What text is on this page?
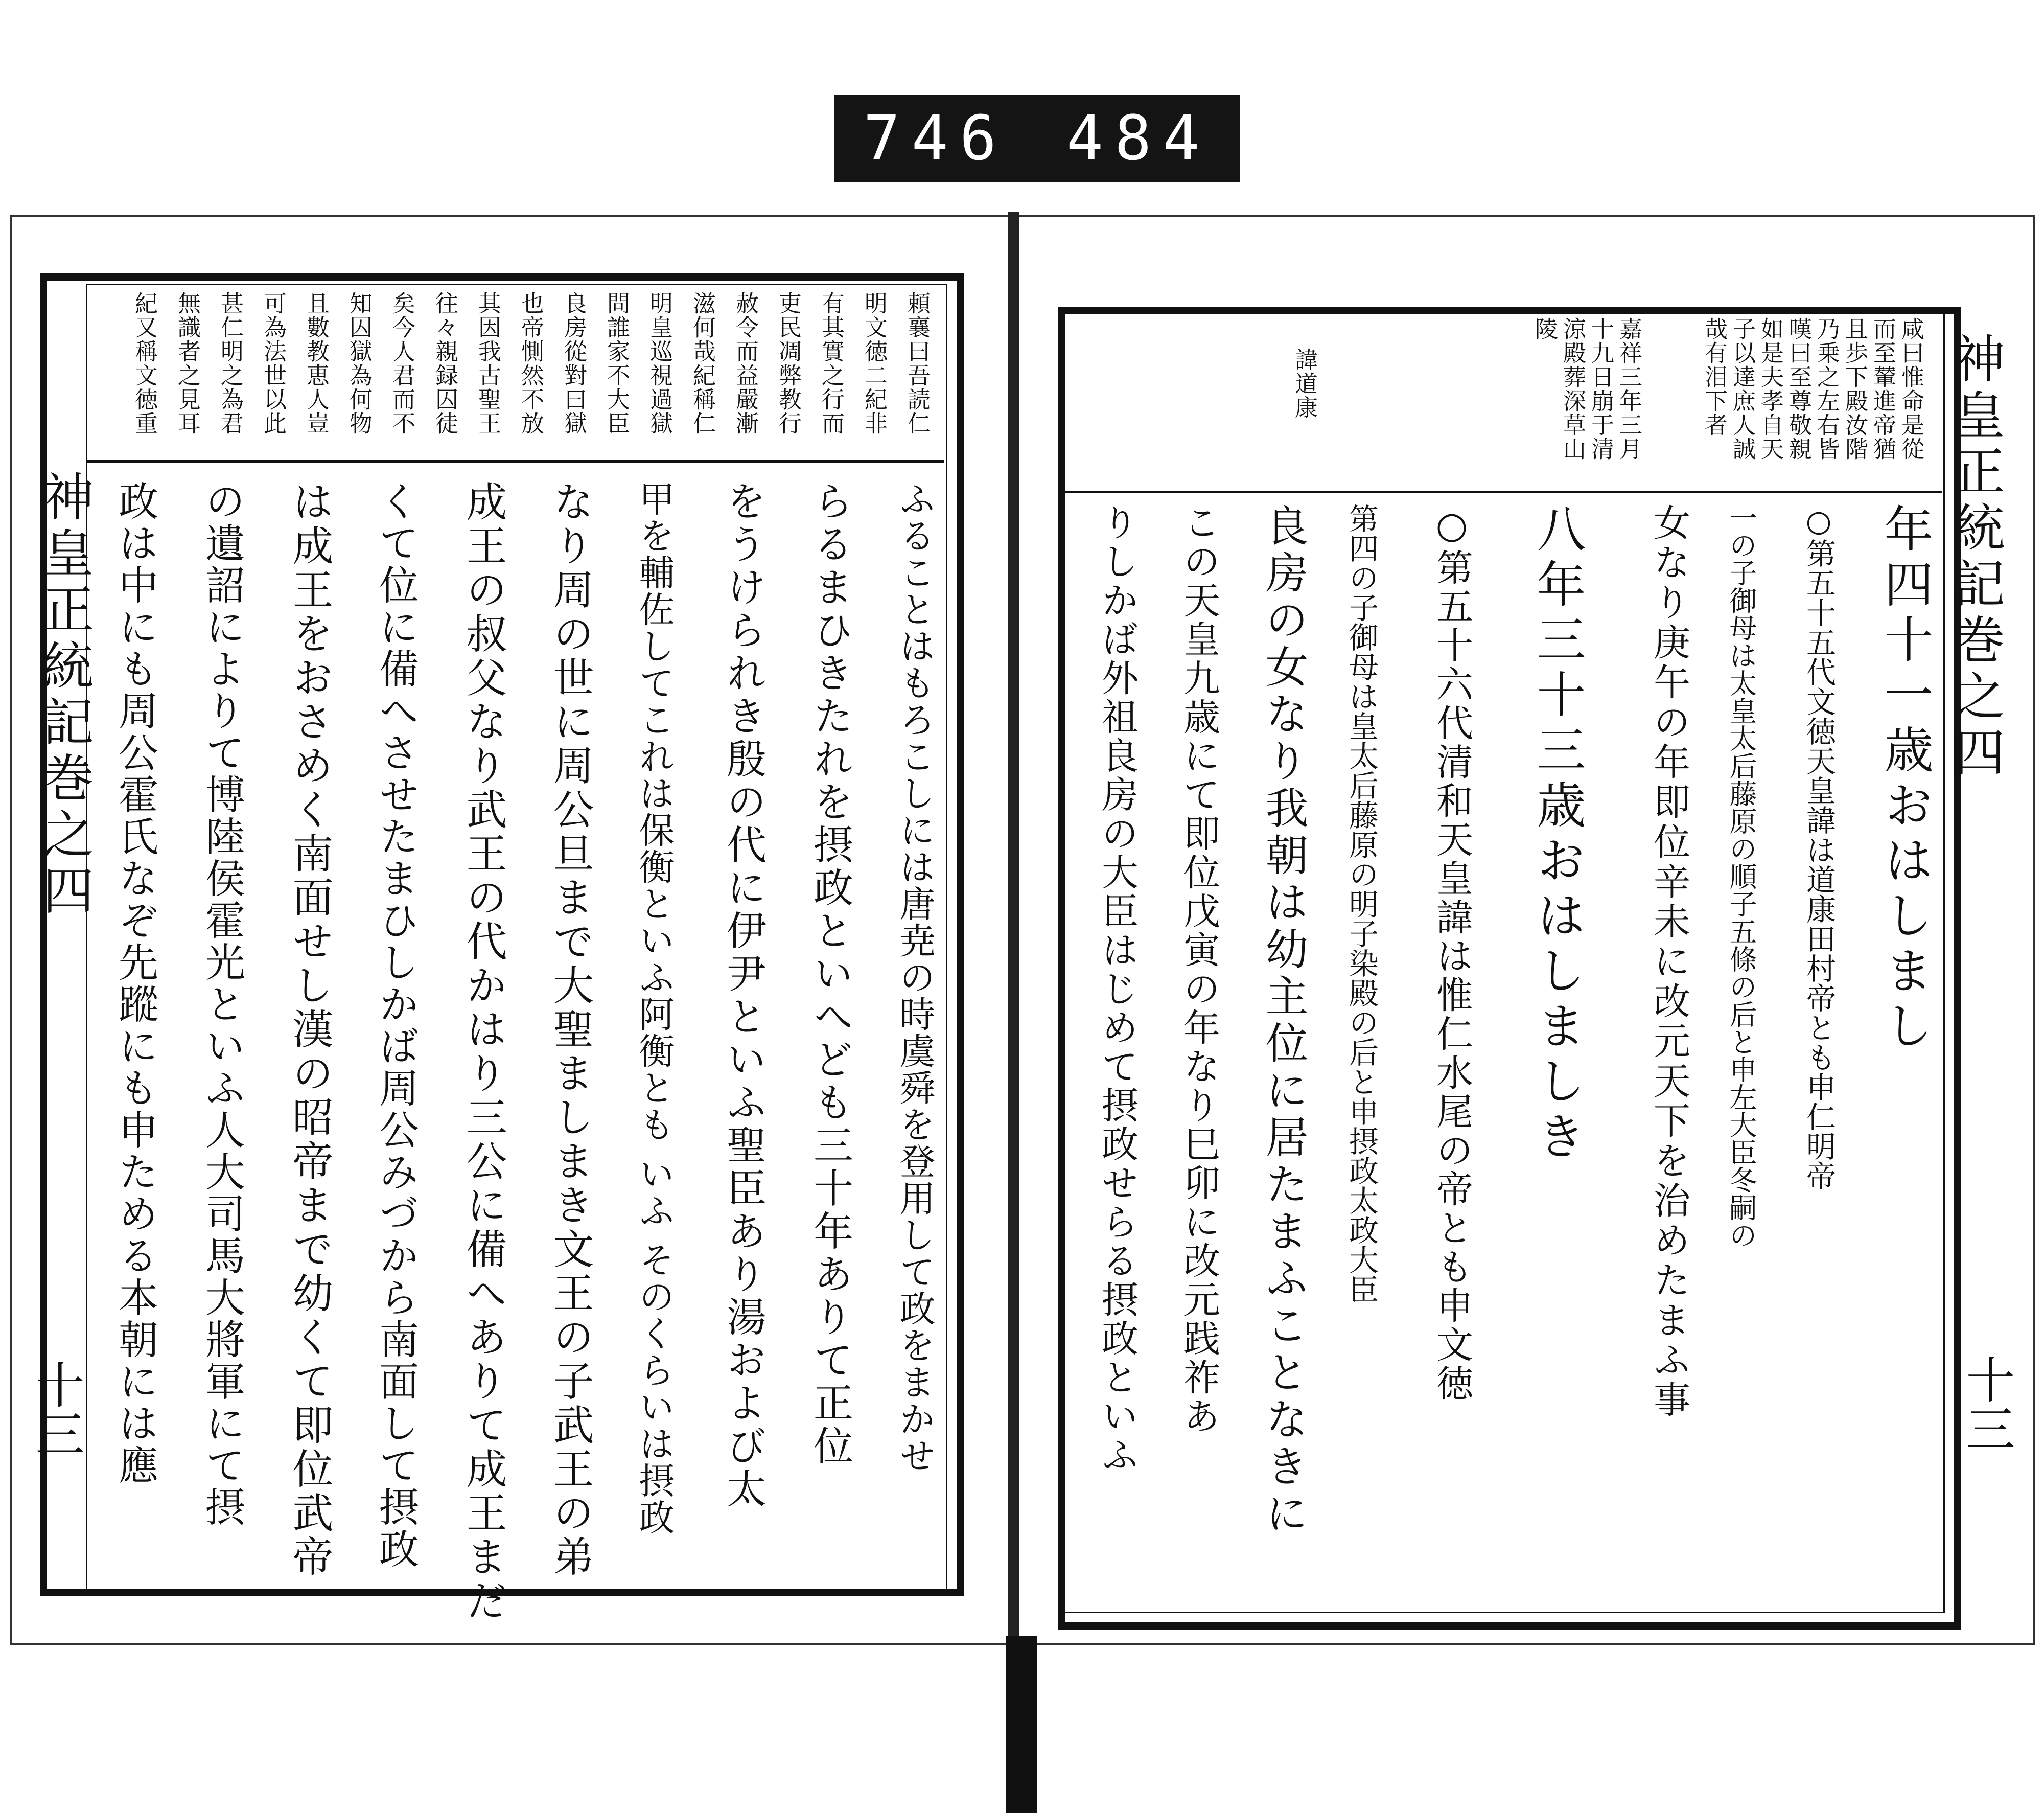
746 484
神皇正統記巻之四
十三
咸曰惟命是從
而至輦進帝猶
且歩下殿汝階
乃乗之左右皆
嘆曰至尊敬親
如是夫孝自天
子以達庶人誠
哉有泪下者
嘉祥三年三月
十九日崩于清
涼殿葬深草山
陵
諱道康
年四十一歳おはしまし
○第五十五代文徳天皇諱は道康田村帝とも申仁明帝
一の子御母は太皇太后藤原の順子五條の后と申左大臣冬嗣の
女なり庚午の年即位辛未に改元天下を治めたまふ事
八年三十三歳おはしましき
○第五十六代清和天皇諱は惟仁水尾の帝とも申文徳
第四の子御母は皇太后藤原の明子染殿の后と申摂政太政大臣
良房の女なり我朝は幼主位に居たまふことなきに
この天皇九歳にて即位戊寅の年なり巳卯に改元践祚あ
りしかば外祖良房の大臣はじめて摂政せらる摂政といふ
神皇正統記巻之四
十三
頼襄曰吾読仁
明文徳二紀非
有其實之行而
吏民凋弊教行
赦令而益嚴漸
滋何哉紀稱仁
明皇巡視過獄
問誰家不大臣
良房從對曰獄
也帝惻然不放
其因我古聖王
往々親録囚徒
矣今人君而不
知囚獄為何物
且數教恵人豈
可為法世以此
甚仁明之為君
無識者之見耳
紀又稱文徳重
ふることはもろこしには唐尭の時虞舜を登用して政をまかせ
らるまひきたれを摂政といへども三十年ありて正位
をうけられき殷の代に伊尹といふ聖臣あり湯および太
甲を輔佐してこれは保衡といふ阿衡とも いふ そのくらいは摂政
なり周の世に周公旦まで大聖ましまき文王の子武王の弟
成王の叔父なり武王の代かはり三公に備へありて成王まだ
くて位に備へさせたまひしかば周公みづから南面して摂政
は成王をおさめく南面せし漢の昭帝まで幼くて即位武帝
の遺詔によりて博陸侯霍光といふ人大司馬大將軍にて摂
政は中にも周公霍氏なぞ先蹤にも申ためる本朝には應
